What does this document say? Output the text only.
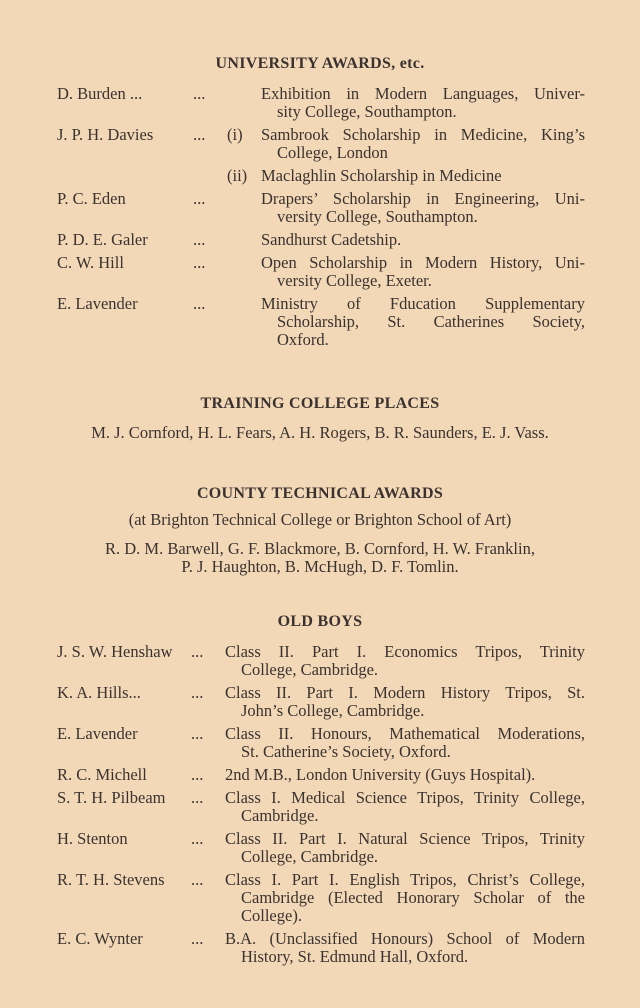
UNIVERSITY AWARDS, etc.
D. Burden ...	...	Exhibition in Modern Languages, Univer-
sity College, Southampton.
J. P. H. Davies ... (i) Sambrook Scholarship in Medicine, King’s
College, London
(ii) Maclaghlin Scholarship in Medicine
P. C. Eden	...	Drapers’ Scholarship in Engineering, Uni-
versity College, Southampton.
P. D. E. Galer	...	Sandhurst Cadetship.
C. W. Hill	...	Open Scholarship in Modern History, Uni-
versity College, Exeter.
E. Lavender	...	Ministry of Fducation Supplementary
Scholarship, St. Catherines Society,
Oxford.
TRAINING COLLEGE PLACES
M. J. Cornford, H. L. Fears, A. H. Rogers, B. R. Saunders, E. J. Vass.
COUNTY TECHNICAL AWARDS
(at Brighton Technical College or Brighton School of Art)
R. D. M. Barwell, G. F. Blackmore, B. Cornford, H. W. Franklin,
P. J. Haughton, B. McHugh, D. F. Tomlin.
OLD BOYS
J. S. W. Henshaw ... Class II. Part I. Economics Tripos, Trinity
College, Cambridge.
K. A. Hills...	... Class II. Part I. Modern History Tripos, St.
John’s College, Cambridge.
E. Lavender	... Class II. Honours, Mathematical Moderations,
St. Catherine’s Society, Oxford.
R. C. Michell	... 2nd M.B., London University (Guys Hospital).
S. T. H. Pilbeam ... Class I. Medical Science Tripos, Trinity College,
Cambridge.
H. Stenton	... Class II. Part I. Natural Science Tripos, Trinity
College, Cambridge.
R. T. H. Stevens ... Class I. Part I. English Tripos, Christ’s College,
Cambridge (Elected Honorary Scholar of the
College).
E. C. Wynter	... B.A. (Unclassified Honours) School of Modern
History, St. Edmund Hall, Oxford.
